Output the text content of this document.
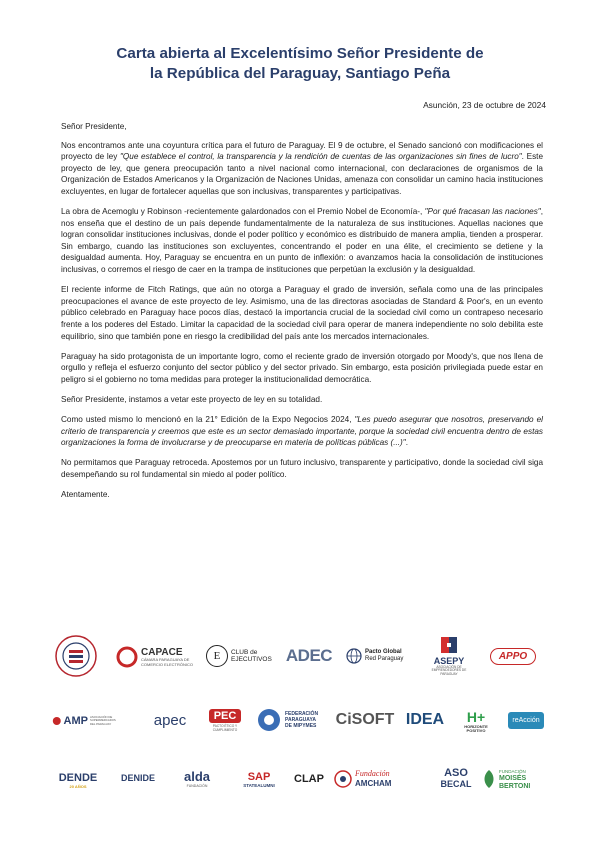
Carta abierta al Excelentísimo Señor Presidente de
la República del Paraguay, Santiago Peña
Asunción, 23 de octubre de 2024

Señor Presidente,

Nos encontramos ante una coyuntura crítica para el futuro de Paraguay. El 9 de octubre, el Senado sancionó con modificaciones el proyecto de ley "Que establece el control, la transparencia y la rendición de cuentas de las organizaciones sin fines de lucro". Este proyecto de ley, que genera preocupación tanto a nivel nacional como internacional, con declaraciones de organismos de la Organización de Estados Americanos y la Organización de Naciones Unidas, amenaza con consolidar un camino hacia instituciones excluyentes, en lugar de fortalecer aquellas que son inclusivas, transparentes y participativas.

La obra de Acemoglu y Robinson -recientemente galardonados con el Premio Nobel de Economía-, "Por qué fracasan las naciones", nos enseña que el destino de un país depende fundamentalmente de la naturaleza de sus instituciones. Aquellas naciones que logran consolidar instituciones inclusivas, donde el poder político y económico es distribuido de manera amplia, tienden a prosperar. Sin embargo, cuando las instituciones son excluyentes, concentrando el poder en una élite, el crecimiento se detiene y la desigualdad aumenta. Hoy, Paraguay se encuentra en un punto de inflexión: o avanzamos hacia la consolidación de instituciones inclusivas, o corremos el riesgo de caer en la trampa de instituciones que perpetúan la exclusión y la desigualdad.

El reciente informe de Fitch Ratings, que aún no otorga a Paraguay el grado de inversión, señala como una de las principales preocupaciones el avance de este proyecto de ley. Asimismo, una de las directoras asociadas de Standard & Poor's, en un evento público celebrado en Paraguay hace pocos días, destacó la importancia crucial de la sociedad civil como un contrapeso necesario frente a los poderes del Estado. Limitar la capacidad de la sociedad civil para operar de manera independiente no solo debilita este equilibrio, sino que también pone en riesgo la credibilidad del país ante los mercados internacionales.

Paraguay ha sido protagonista de un importante logro, como el reciente grado de inversión otorgado por Moody's, que nos llena de orgullo y refleja el esfuerzo conjunto del sector público y del sector privado. Sin embargo, esta posición privilegiada puede estar en peligro si el gobierno no toma medidas para proteger la institucionalidad democrática.

Señor Presidente, instamos a vetar este proyecto de ley en su totalidad.

Como usted mismo lo mencionó en la 21° Edición de la Expo Negocios 2024, "Les puedo asegurar que nosotros, preservando el criterio de transparencia y creemos que este es un sector demasiado importante, porque la sociedad civil encuentra dentro de estas organizaciones la forma de involucrarse y de preocuparse en materia de políticas públicas (...)".

No permitamos que Paraguay retroceda. Apostemos por un futuro inclusivo, transparente y participativo, donde la sociedad civil siga desempeñando su rol fundamental sin miedo al poder político.

Atentamente.

CAPACE
CÁMARA PARAGUAYA DE COMERCIO ELECTRÓNICO
E	CLUB de
EJECUTIVOS ADEC	Pacto Global
Red Paraguay	ASEPY
ASOCIACIÓN DE EMPRENDEDORES DE PARAGUAY
APPO
AMP ASOCIACIÓN DE SUPERMERCADOS DEL PARAGUAY	apec	PEC
PACTO ÉTICO Y CUMPLIMIENTO
FEDERACIÓN
PARAGUAYA
DE MIPYMES CiSOFT IDEA H+
HORIZONTE
POSITIVO
reAcción
DENDE
20 AÑOS
DENIDE alda
FUNDACIÓN
SAP
STATEALUMNI CLAP	Fundación
AMCHAM
ASO
BECAL
FUNDACIÓN
MOISÉS
BERTONI
